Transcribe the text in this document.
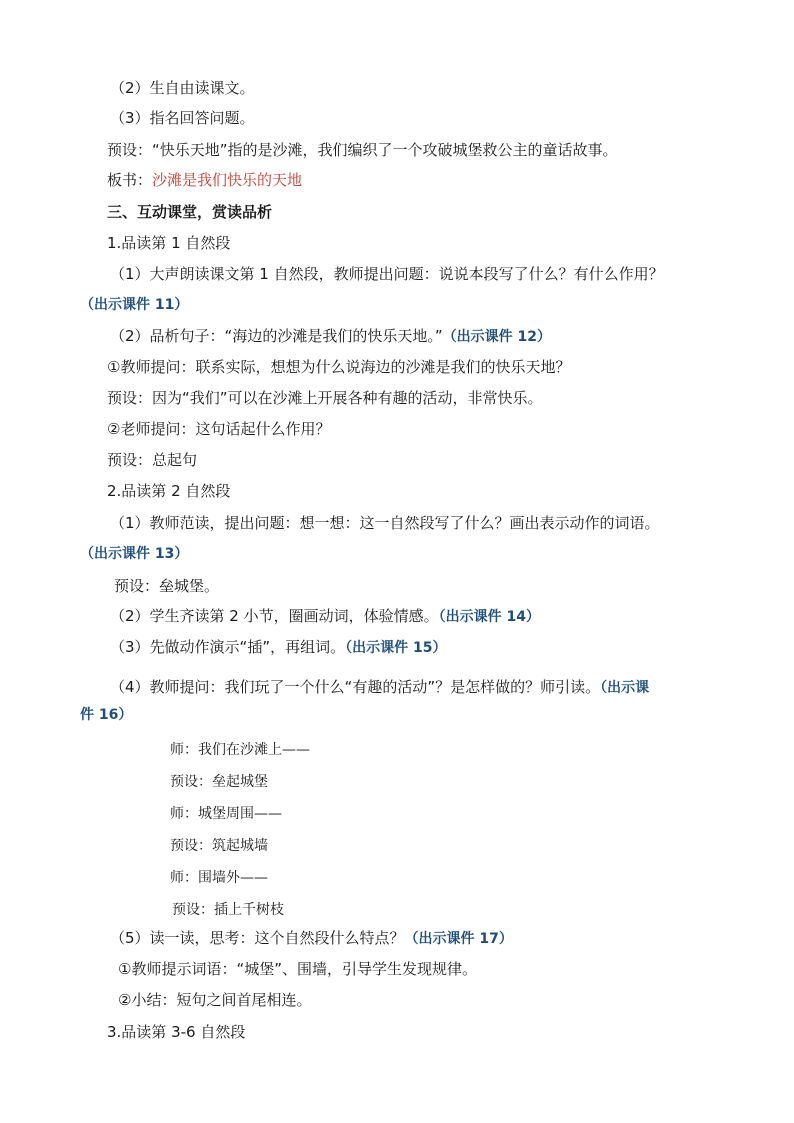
（2）生自由读课文。
（3）指名回答问题。
预设：“快乐天地”指的是沙滩，我们编织了一个攻破城堡救公主的童话故事。
板书：沙滩是我们快乐的天地
三、互动课堂，赏读品析
1.品读第 1 自然段
（1）大声朗读课文第 1 自然段，教师提出问题：说说本段写了什么？有什么作用？
（出示课件 11）
（2）品析句子：“海边的沙滩是我们的快乐天地。”（出示课件 12）
①教师提问：联系实际，想想为什么说海边的沙滩是我们的快乐天地？
预设：因为“我们”可以在沙滩上开展各种有趣的活动，非常快乐。
②老师提问：这句话起什么作用？
预设：总起句
2.品读第 2 自然段
（1）教师范读，提出问题：想一想：这一自然段写了什么？画出表示动作的词语。
（出示课件 13）
预设：垒城堡。
（2）学生齐读第 2 小节，圈画动词，体验情感。（出示课件 14）
（3）先做动作演示“插”，再组词。（出示课件 15）
（4）教师提问：我们玩了一个什么“有趣的活动”？是怎样做的？师引读。（出示课
件 16）
师：我们在沙滩上——
预设：垒起城堡
师：城堡周围——
预设：筑起城墙
师：围墙外——
预设：插上千树枝
（5）读一读，思考：这个自然段什么特点？（出示课件 17）
①教师提示词语：“城堡”、围墙，引导学生发现规律。
②小结：短句之间首尾相连。
3.品读第 3-6 自然段
